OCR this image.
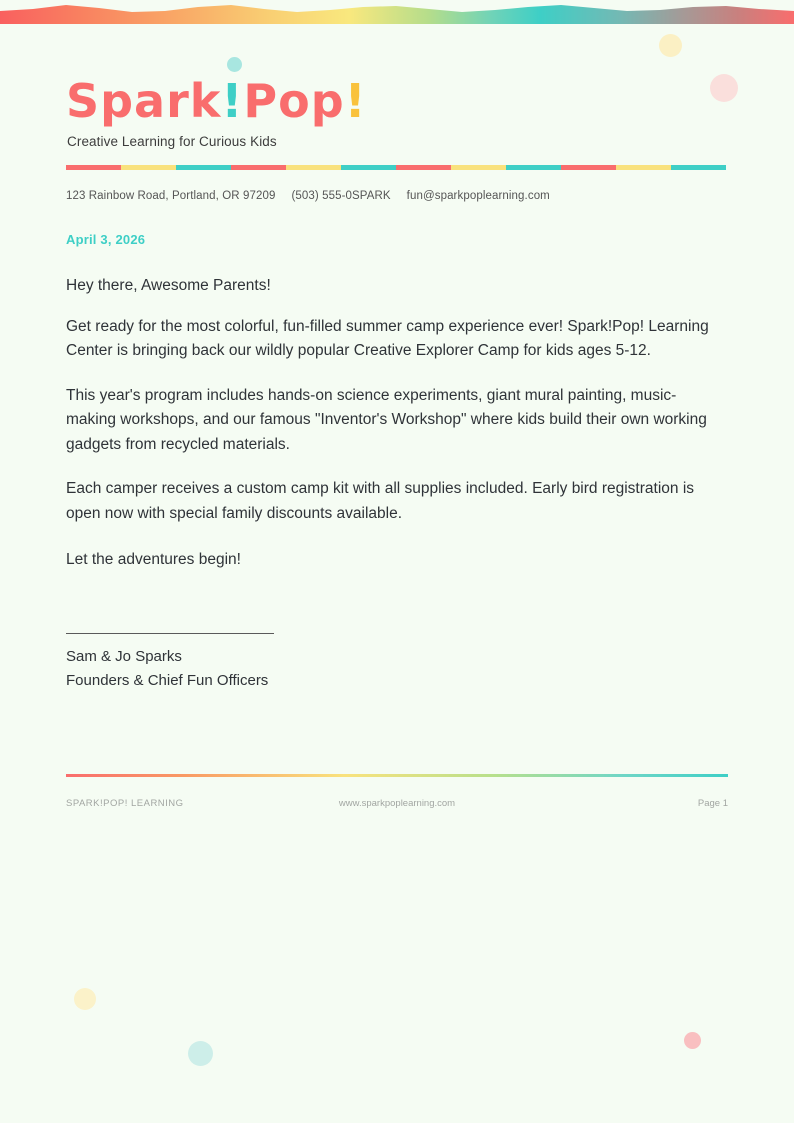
Spark!Pop!
Creative Learning for Curious Kids
123 Rainbow Road, Portland, OR 97209 (503) 555-0SPARK fun@sparkpoplearning.com
April 3, 2026

Hey there, Awesome Parents!

Get ready for the most colorful, fun-filled summer camp experience ever! Spark!Pop! Learning Center is bringing back our wildly popular Creative Explorer Camp for kids ages 5-12.

This year's program includes hands-on science experiments, giant mural painting, music-making workshops, and our famous "Inventor's Workshop" where kids build their own working gadgets from recycled materials.

Each camper receives a custom camp kit with all supplies included. Early bird registration is open now with special family discounts available.

Let the adventures begin!

Sam & Jo Sparks
Founders & Chief Fun Officers
SPARK!POP! LEARNING	www.sparkpoplearning.com	Page 1
